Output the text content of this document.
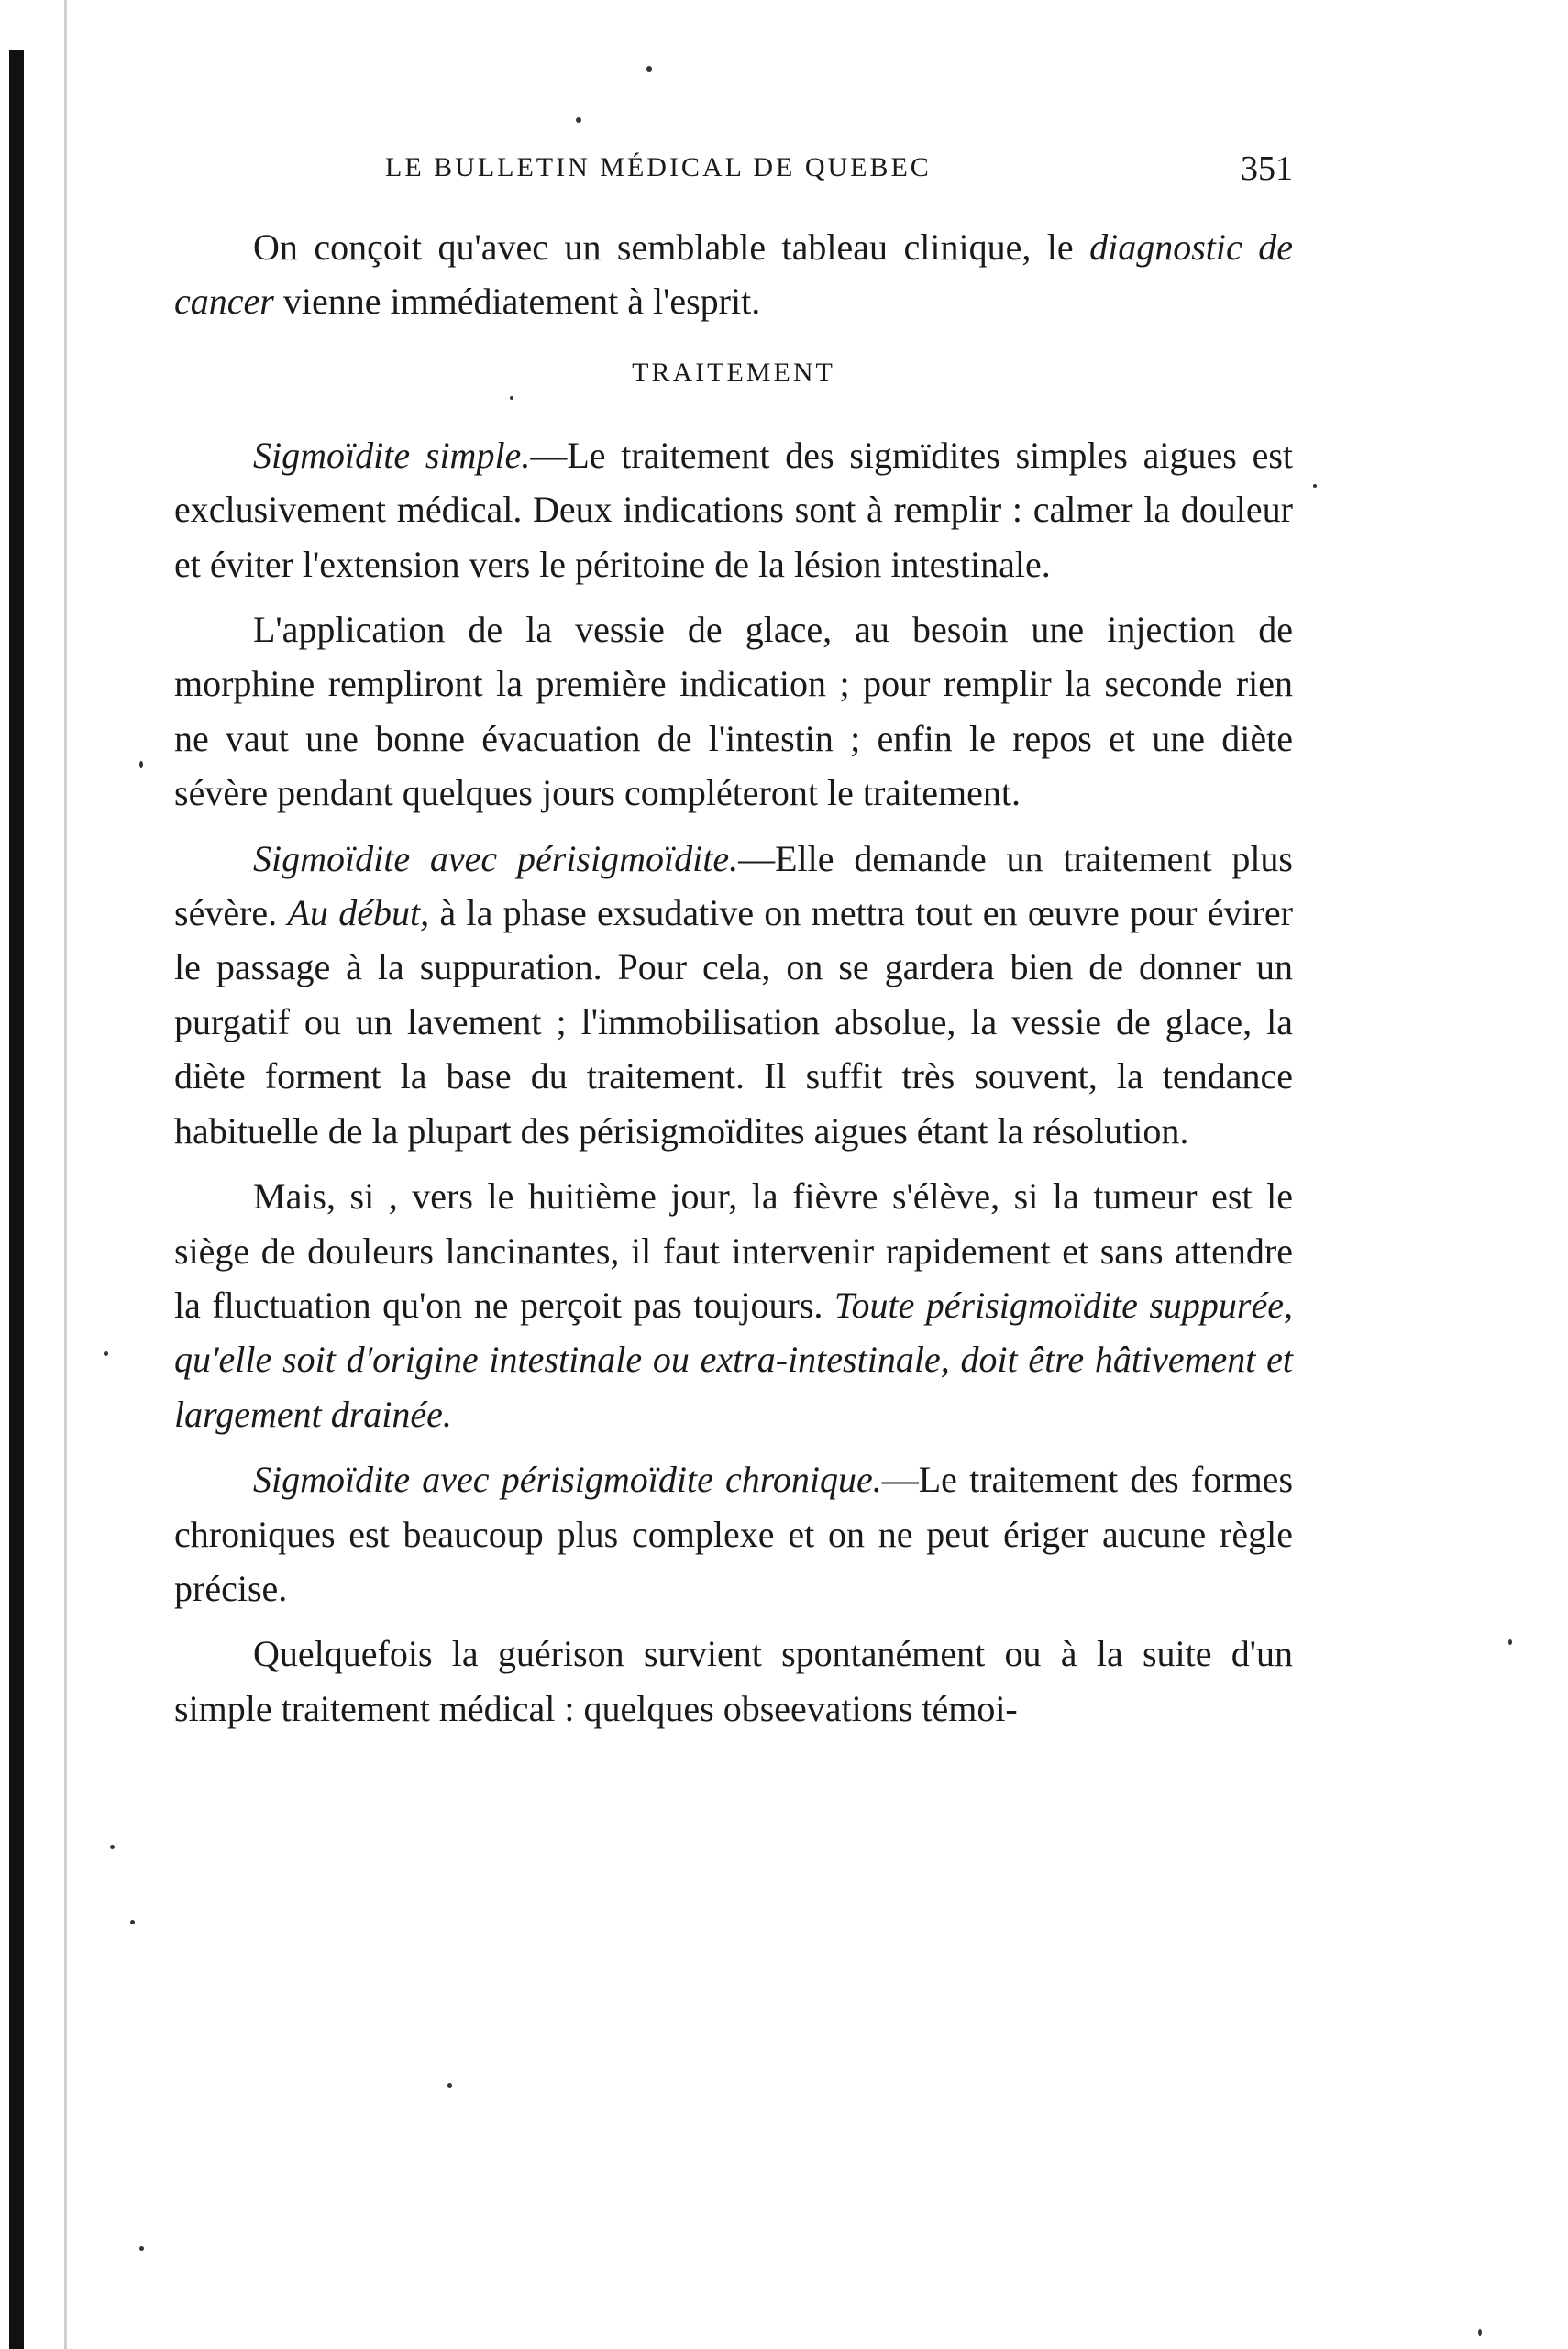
LE BULLETIN MÉDICAL DE QUEBEC	351

On conçoit qu'avec un semblable tableau clinique, le diagnostic de cancer vienne immédiatement à l'esprit.

TRAITEMENT

Sigmoïdite simple.—Le traitement des sigmïdites simples aigues est exclusivement médical. Deux indications sont à remplir : calmer la douleur et éviter l'extension vers le péritoine de la lésion intestinale.

L'application de la vessie de glace, au besoin une injection de morphine rempliront la première indication ; pour remplir la seconde rien ne vaut une bonne évacuation de l'intestin ; enfin le repos et une diète sévère pendant quelques jours compléteront le traitement.

Sigmoïdite avec périsigmoïdite.—Elle demande un traitement plus sévère. Au début, à la phase exsudative on mettra tout en œuvre pour évirer le passage à la suppuration. Pour cela, on se gardera bien de donner un purgatif ou un lavement ; l'immobilisation absolue, la vessie de glace, la diète forment la base du traitement. Il suffit très souvent, la tendance habituelle de la plupart des périsigmoïdites aigues étant la résolution.

Mais, si , vers le huitième jour, la fièvre s'élève, si la tumeur est le siège de douleurs lancinantes, il faut intervenir rapidement et sans attendre la fluctuation qu'on ne perçoit pas toujours. Toute périsigmoïdite suppurée, qu'elle soit d'origine intestinale ou extra-intestinale, doit être hâtivement et largement drainée.

Sigmoïdite avec périsigmoïdite chronique.—Le traitement des formes chroniques est beaucoup plus complexe et on ne peut ériger aucune règle précise.

Quelquefois la guérison survient spontanément ou à la suite d'un simple traitement médical : quelques obseevations témoi-
